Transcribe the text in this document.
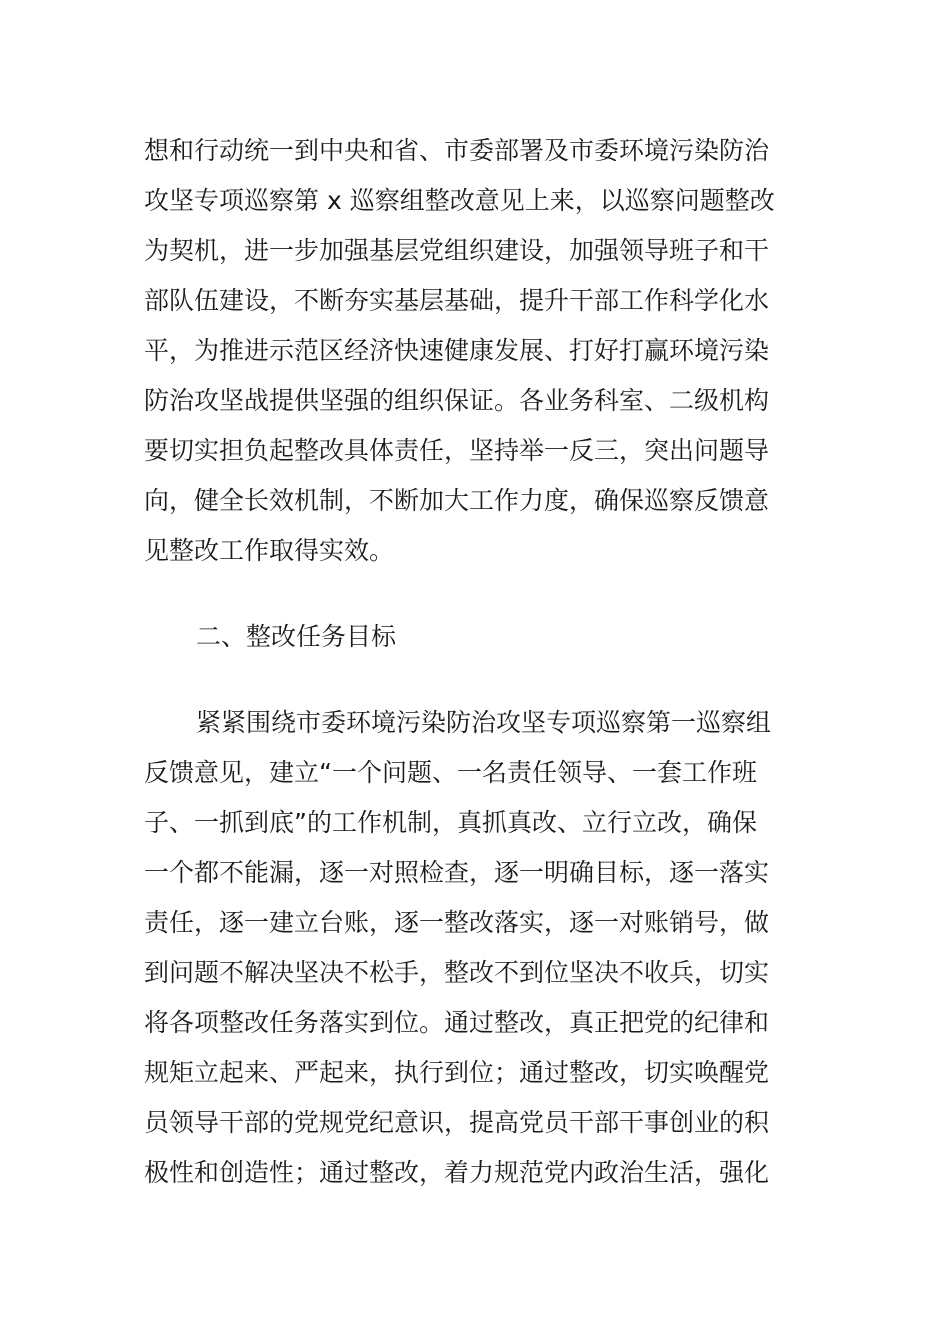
想和行动统一到中央和省、市委部署及市委环境污染防治
攻坚专项巡察第 x 巡察组整改意见上来，以巡察问题整改
为契机，进一步加强基层党组织建设，加强领导班子和干
部队伍建设，不断夯实基层基础，提升干部工作科学化水
平，为推进示范区经济快速健康发展、打好打赢环境污染
防治攻坚战提供坚强的组织保证。各业务科室、二级机构
要切实担负起整改具体责任，坚持举一反三，突出问题导
向，健全长效机制，不断加大工作力度，确保巡察反馈意
见整改工作取得实效。
二、整改任务目标
紧紧围绕市委环境污染防治攻坚专项巡察第一巡察组
反馈意见，建立“一个问题、一名责任领导、一套工作班
子、一抓到底”的工作机制，真抓真改、立行立改，确保
一个都不能漏，逐一对照检查，逐一明确目标，逐一落实
责任，逐一建立台账，逐一整改落实，逐一对账销号，做
到问题不解决坚决不松手，整改不到位坚决不收兵，切实
将各项整改任务落实到位。通过整改，真正把党的纪律和
规矩立起来、严起来，执行到位；通过整改，切实唤醒党
员领导干部的党规党纪意识，提高党员干部干事创业的积
极性和创造性；通过整改，着力规范党内政治生活，强化
